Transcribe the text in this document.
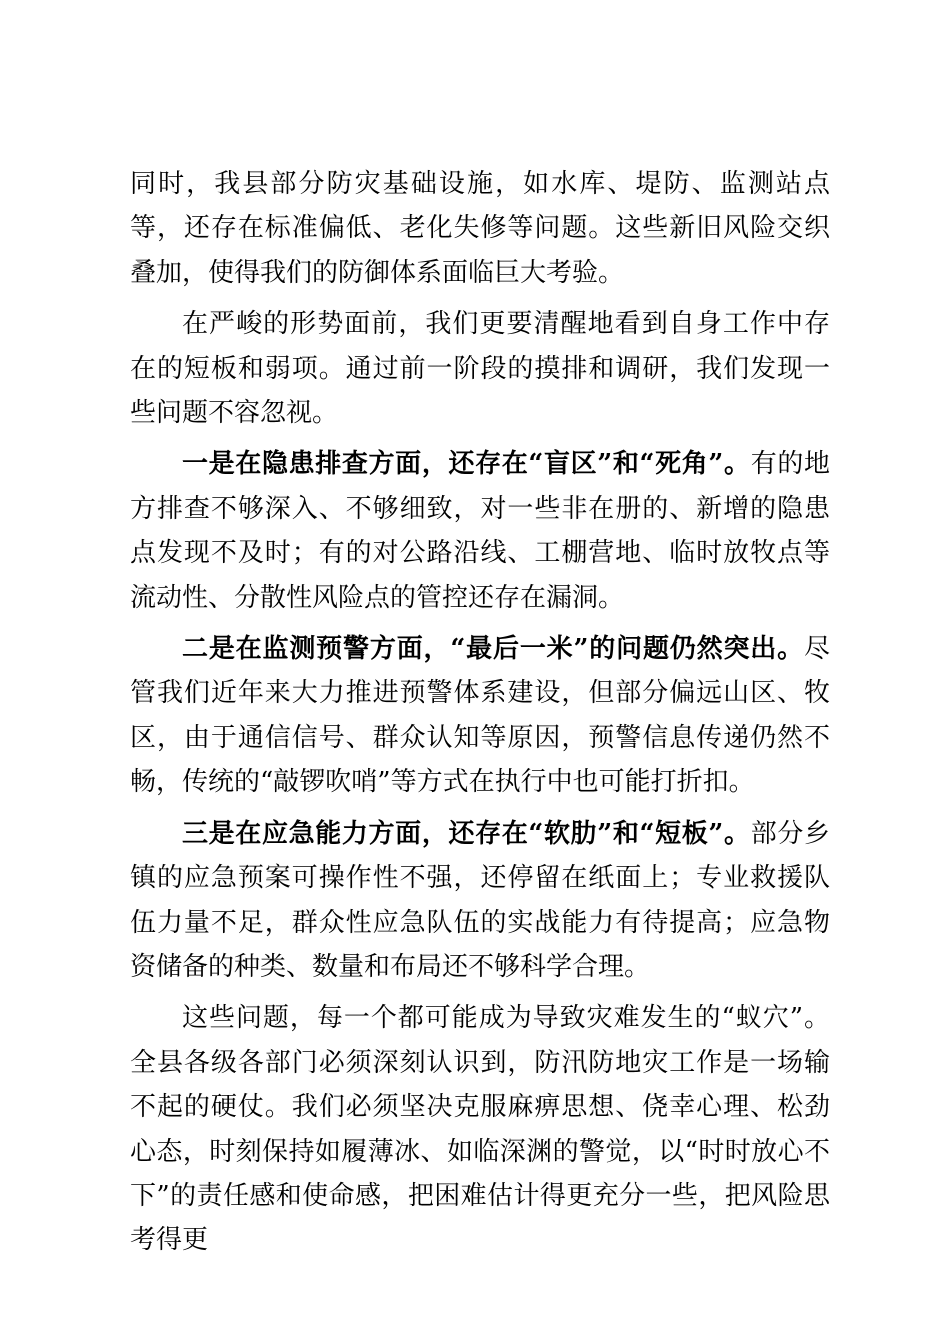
同时，我县部分防灾基础设施，如水库、堤防、监测站点等，还存在标准偏低、老化失修等问题。这些新旧风险交织叠加，使得我们的防御体系面临巨大考验。

在严峻的形势面前，我们更要清醒地看到自身工作中存在的短板和弱项。通过前一阶段的摸排和调研，我们发现一些问题不容忽视。

一是在隐患排查方面，还存在“盲区”和“死角”。有的地方排查不够深入、不够细致，对一些非在册的、新增的隐患点发现不及时；有的对公路沿线、工棚营地、临时放牧点等流动性、分散性风险点的管控还存在漏洞。

二是在监测预警方面，“最后一米”的问题仍然突出。尽管我们近年来大力推进预警体系建设，但部分偏远山区、牧区，由于通信信号、群众认知等原因，预警信息传递仍然不畅，传统的“敲锣吹哨”等方式在执行中也可能打折扣。

三是在应急能力方面，还存在“软肋”和“短板”。部分乡镇的应急预案可操作性不强，还停留在纸面上；专业救援队伍力量不足，群众性应急队伍的实战能力有待提高；应急物资储备的种类、数量和布局还不够科学合理。

这些问题，每一个都可能成为导致灾难发生的“蚁穴”。全县各级各部门必须深刻认识到，防汛防地灾工作是一场输不起的硬仗。我们必须坚决克服麻痹思想、侥幸心理、松劲心态，时刻保持如履薄冰、如临深渊的警觉，以“时时放心不下”的责任感和使命感，把困难估计得更充分一些，把风险思考得更
